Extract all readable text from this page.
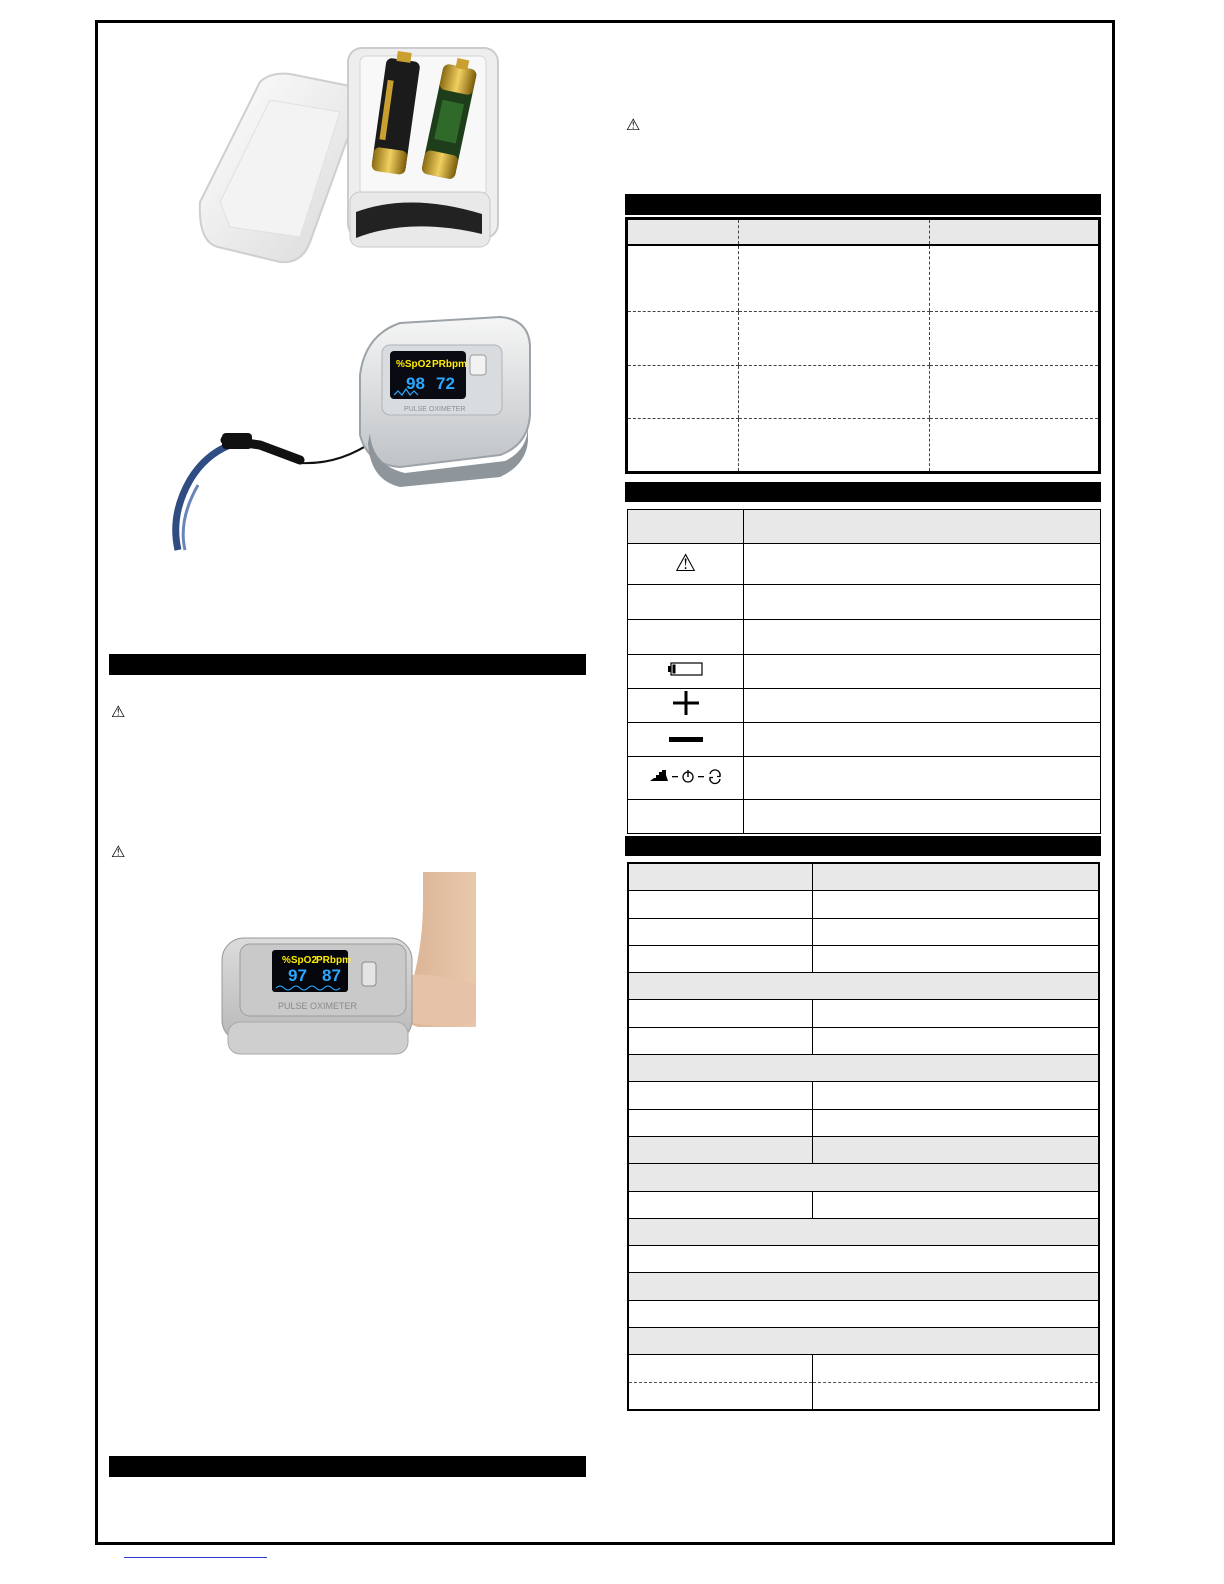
%SpO2 PRbpm
98 72
PULSE OXIMETER
⚠
⚠
%SpO2
PRbpm
97 87
PULSE OXIMETER
⚠

⚠	
